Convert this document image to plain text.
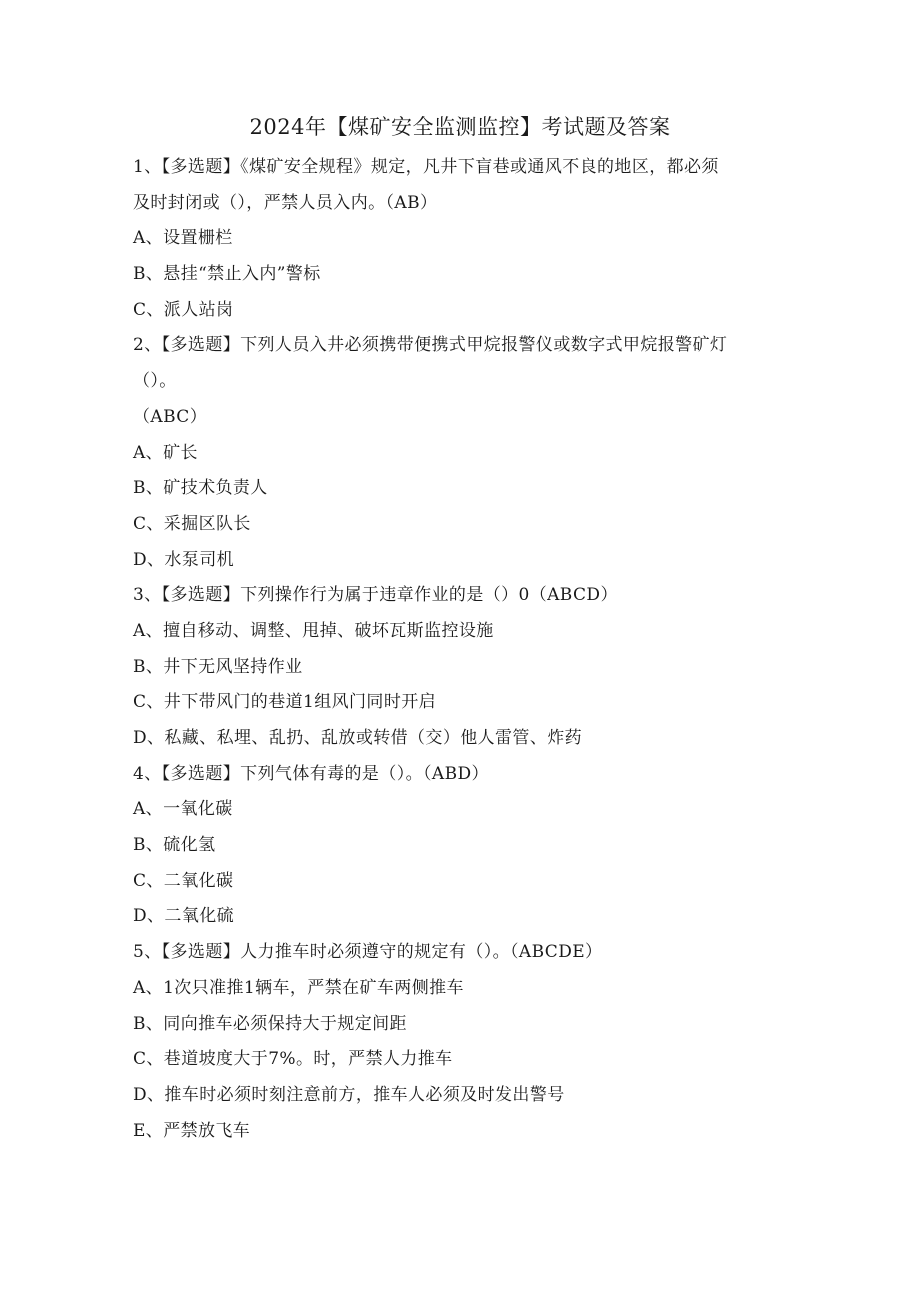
2024年【煤矿安全监测监控】考试题及答案
1、【多选题】《煤矿安全规程》规定，凡井下盲巷或通风不良的地区，都必须
及时封闭或（），严禁人员入内。（AB）
A、设置栅栏
B、悬挂“禁止入内”警标
C、派人站岗
2、【多选题】下列人员入井必须携带便携式甲烷报警仪或数字式甲烷报警矿灯
（）。
（ABC）
A、矿长
B、矿技术负责人
C、采掘区队长
D、水泵司机
3、【多选题】下列操作行为属于违章作业的是（）0（ABCD）
A、擅自移动、调整、甩掉、破坏瓦斯监控设施
B、井下无风坚持作业
C、井下带风门的巷道1组风门同时开启
D、私藏、私埋、乱扔、乱放或转借（交）他人雷管、炸药
4、【多选题】下列气体有毒的是（）。（ABD）
A、一氧化碳
B、硫化氢
C、二氧化碳
D、二氧化硫
5、【多选题】人力推车时必须遵守的规定有（）。（ABCDE）
A、1次只准推1辆车，严禁在矿车两侧推车
B、同向推车必须保持大于规定间距
C、巷道坡度大于7%。时，严禁人力推车
D、推车时必须时刻注意前方，推车人必须及时发出警号
E、严禁放飞车
